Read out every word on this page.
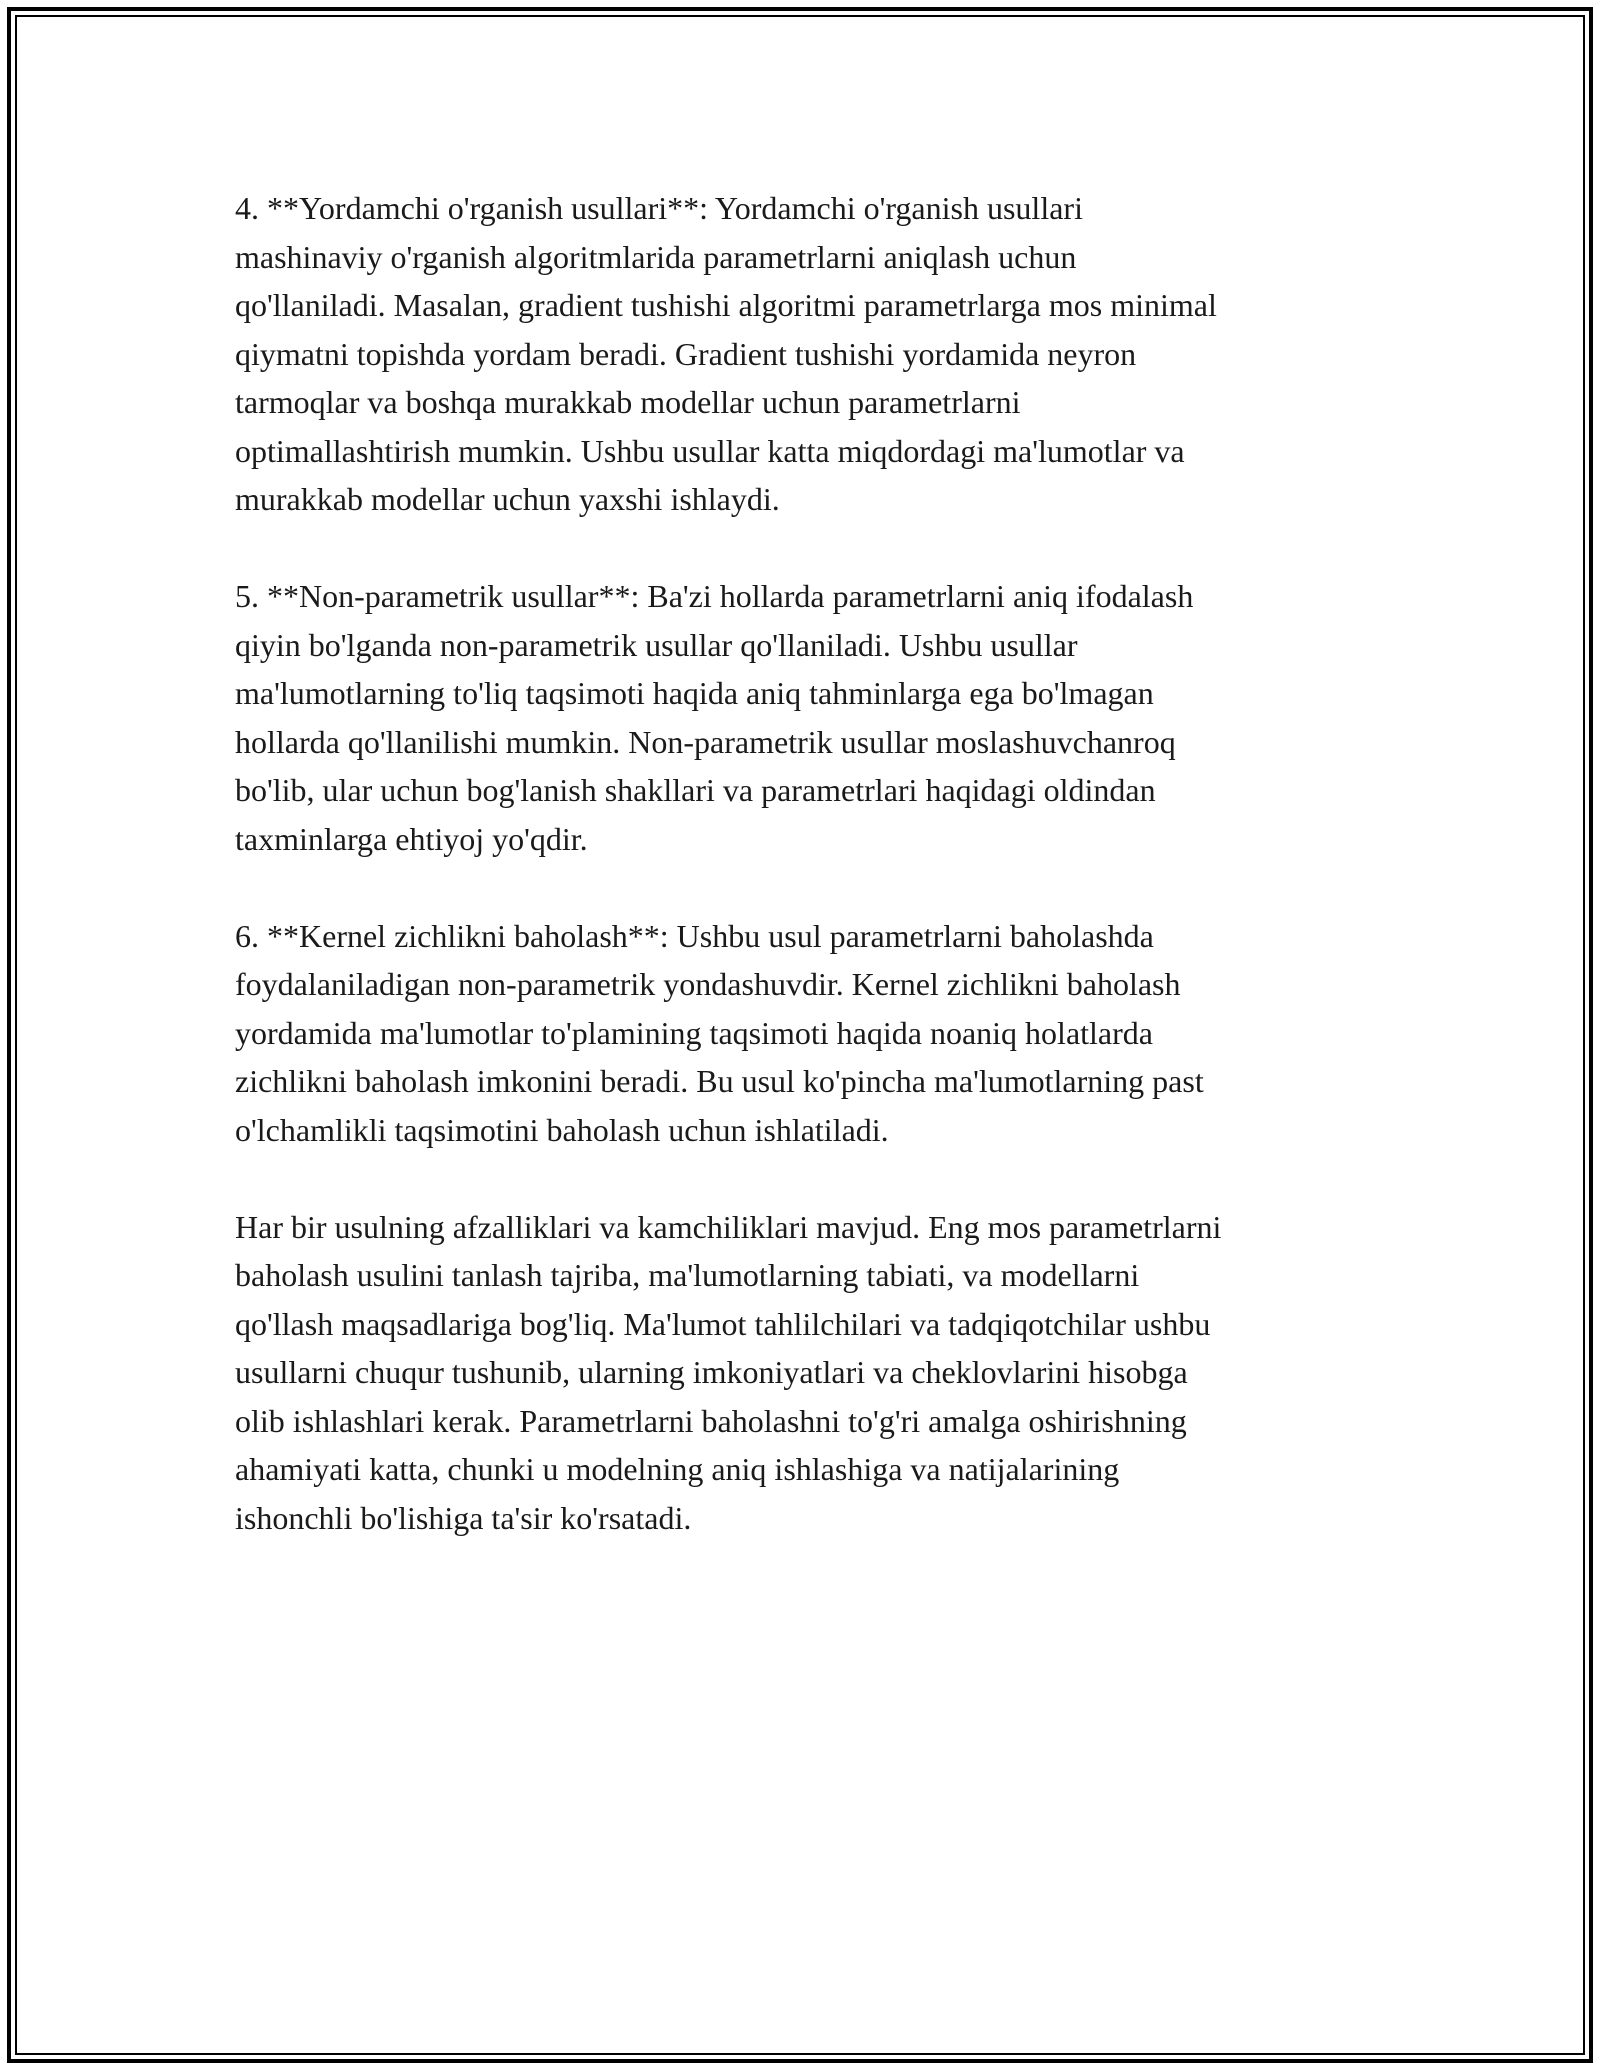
4. **Yordamchi o'rganish usullari**: Yordamchi o'rganish usullari
mashinaviy o'rganish algoritmlarida parametrlarni aniqlash uchun
qo'llaniladi. Masalan, gradient tushishi algoritmi parametrlarga mos minimal
qiymatni topishda yordam beradi. Gradient tushishi yordamida neyron
tarmoqlar va boshqa murakkab modellar uchun parametrlarni
optimallashtirish mumkin. Ushbu usullar katta miqdordagi ma'lumotlar va
murakkab modellar uchun yaxshi ishlaydi.

5. **Non-parametrik usullar**: Ba'zi hollarda parametrlarni aniq ifodalash
qiyin bo'lganda non-parametrik usullar qo'llaniladi. Ushbu usullar
ma'lumotlarning to'liq taqsimoti haqida aniq tahminlarga ega bo'lmagan
hollarda qo'llanilishi mumkin. Non-parametrik usullar moslashuvchanroq
bo'lib, ular uchun bog'lanish shakllari va parametrlari haqidagi oldindan
taxminlarga ehtiyoj yo'qdir.

6. **Kernel zichlikni baholash**: Ushbu usul parametrlarni baholashda
foydalaniladigan non-parametrik yondashuvdir. Kernel zichlikni baholash
yordamida ma'lumotlar to'plamining taqsimoti haqida noaniq holatlarda
zichlikni baholash imkonini beradi. Bu usul ko'pincha ma'lumotlarning past
o'lchamlikli taqsimotini baholash uchun ishlatiladi.

Har bir usulning afzalliklari va kamchiliklari mavjud. Eng mos parametrlarni
baholash usulini tanlash tajriba, ma'lumotlarning tabiati, va modellarni
qo'llash maqsadlariga bog'liq. Ma'lumot tahlilchilari va tadqiqotchilar ushbu
usullarni chuqur tushunib, ularning imkoniyatlari va cheklovlarini hisobga
olib ishlashlari kerak. Parametrlarni baholashni to'g'ri amalga oshirishning
ahamiyati katta, chunki u modelning aniq ishlashiga va natijalarining
ishonchli bo'lishiga ta'sir ko'rsatadi.
